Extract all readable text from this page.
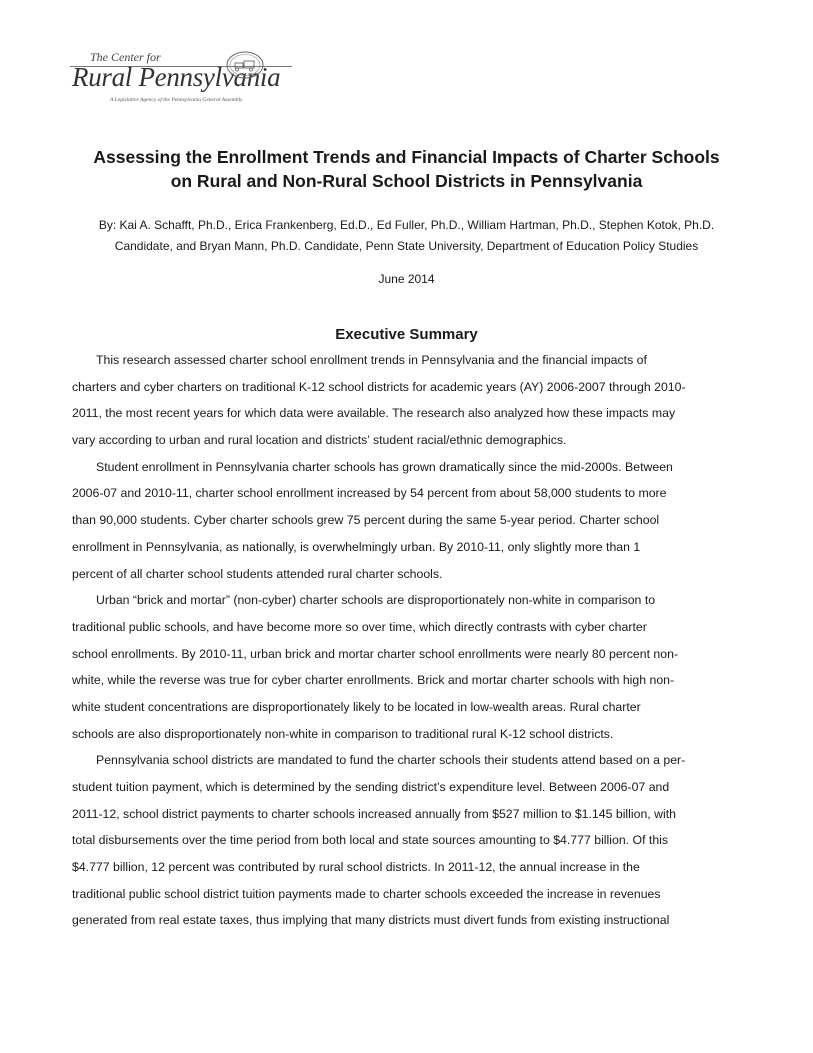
The Center for
Rural Pennsylvania
A Legislative Agency of the Pennsylvania General Assembly
Assessing the Enrollment Trends and Financial Impacts of Charter Schools
on Rural and Non-Rural School Districts in Pennsylvania
By: Kai A. Schafft, Ph.D., Erica Frankenberg, Ed.D., Ed Fuller, Ph.D., William Hartman, Ph.D., Stephen Kotok, Ph.D.
Candidate, and Bryan Mann, Ph.D. Candidate, Penn State University, Department of Education Policy Studies
June 2014
Executive Summary
This research assessed charter school enrollment trends in Pennsylvania and the financial impacts of
charters and cyber charters on traditional K-12 school districts for academic years (AY) 2006-2007 through 2010-
2011, the most recent years for which data were available. The research also analyzed how these impacts may
vary according to urban and rural location and districts’ student racial/ethnic demographics.
Student enrollment in Pennsylvania charter schools has grown dramatically since the mid-2000s. Between
2006-07 and 2010-11, charter school enrollment increased by 54 percent from about 58,000 students to more
than 90,000 students. Cyber charter schools grew 75 percent during the same 5-year period. Charter school
enrollment in Pennsylvania, as nationally, is overwhelmingly urban. By 2010-11, only slightly more than 1
percent of all charter school students attended rural charter schools.
Urban “brick and mortar” (non-cyber) charter schools are disproportionately non-white in comparison to
traditional public schools, and have become more so over time, which directly contrasts with cyber charter
school enrollments. By 2010-11, urban brick and mortar charter school enrollments were nearly 80 percent non-
white, while the reverse was true for cyber charter enrollments. Brick and mortar charter schools with high non-
white student concentrations are disproportionately likely to be located in low-wealth areas. Rural charter
schools are also disproportionately non-white in comparison to traditional rural K-12 school districts.
Pennsylvania school districts are mandated to fund the charter schools their students attend based on a per-
student tuition payment, which is determined by the sending district’s expenditure level. Between 2006-07 and
2011-12, school district payments to charter schools increased annually from $527 million to $1.145 billion, with
total disbursements over the time period from both local and state sources amounting to $4.777 billion. Of this
$4.777 billion, 12 percent was contributed by rural school districts. In 2011-12, the annual increase in the
traditional public school district tuition payments made to charter schools exceeded the increase in revenues
generated from real estate taxes, thus implying that many districts must divert funds from existing instructional
